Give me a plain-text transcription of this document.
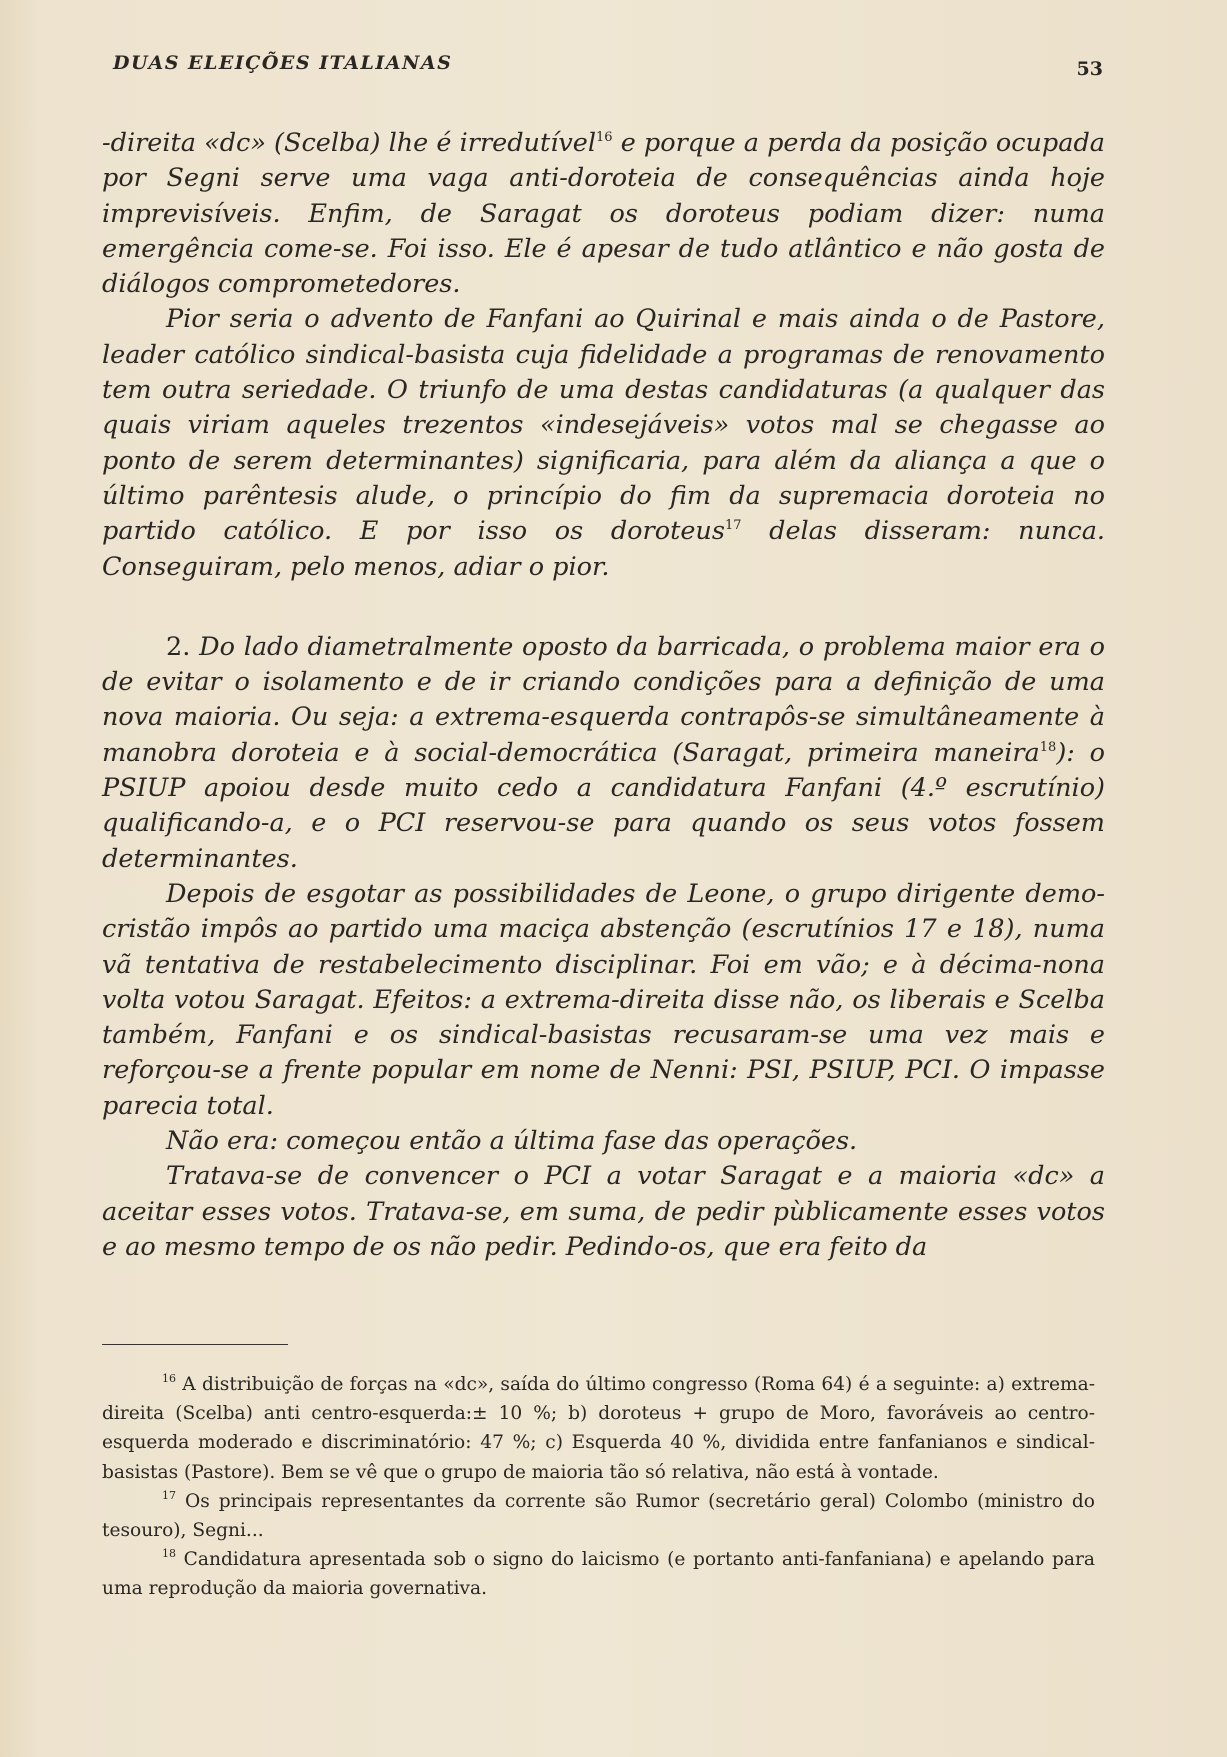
DUAS ELEIÇÕES ITALIANAS	53

-direita «dc» (Scelba) lhe é irredutível$^{16}$ e porque a perda da posição ocupada por Segni serve uma vaga anti-doroteia de consequências ainda hoje imprevisíveis. Enfim, de Saragat os doroteus podiam dizer: numa emergência come-se. Foi isso. Ele é apesar de tudo atlântico e não gosta de diálogos comprometedores.

Pior seria o advento de Fanfani ao Quirinal e mais ainda o de Pastore, leader católico sindical-basista cuja fidelidade a programas de renovamento tem outra seriedade. O triunfo de uma destas candidaturas (a qualquer das quais viriam aqueles trezentos «indesejáveis» votos mal se chegasse ao ponto de serem determinantes) significaria, para além da aliança a que o último parêntesis alude, o princípio do fim da supremacia doroteia no partido católico. E por isso os doroteus$^{17}$ delas disseram: nunca. Conseguiram, pelo menos, adiar o pior.

2. Do lado diametralmente oposto da barricada, o problema maior era o de evitar o isolamento e de ir criando condições para a definição de uma nova maioria. Ou seja: a extrema-esquerda contrapôs-se simultâneamente à manobra doroteia e à social-democrática (Saragat, primeira maneira$^{18}$): o PSIUP apoiou desde muito cedo a candidatura Fanfani (4.º escrutínio) qualificando-a, e o PCI reservou-se para quando os seus votos fossem determinantes.

Depois de esgotar as possibilidades de Leone, o grupo dirigente demo-cristão impôs ao partido uma maciça abstenção (escrutínios 17 e 18), numa vã tentativa de restabelecimento disciplinar. Foi em vão; e à décima-nona volta votou Saragat. Efeitos: a extrema-direita disse não, os liberais e Scelba também, Fanfani e os sindical-basistas recusaram-se uma vez mais e reforçou-se a frente popular em nome de Nenni: PSI, PSIUP, PCI. O impasse parecia total.

Não era: começou então a última fase das operações.

Tratava-se de convencer o PCI a votar Saragat e a maioria «dc» a aceitar esses votos. Tratava-se, em suma, de pedir pùblicamente esses votos e ao mesmo tempo de os não pedir. Pedindo-os, que era feito da

$^{16}$ A distribuição de forças na «dc», saída do último congresso (Roma 64) é a seguinte: a) extrema-direita (Scelba) anti centro-esquerda:± 10 %; b) doroteus + grupo de Moro, favoráveis ao centro-esquerda moderado e discriminatório: 47 %; c) Esquerda 40 %, dividida entre fanfanianos e sindical-basistas (Pastore). Bem se vê que o grupo de maioria tão só relativa, não está à vontade.

$^{17}$ Os principais representantes da corrente são Rumor (secretário geral) Colombo (ministro do tesouro), Segni...

$^{18}$ Candidatura apresentada sob o signo do laicismo (e portanto anti-fanfaniana) e apelando para uma reprodução da maioria governativa.
